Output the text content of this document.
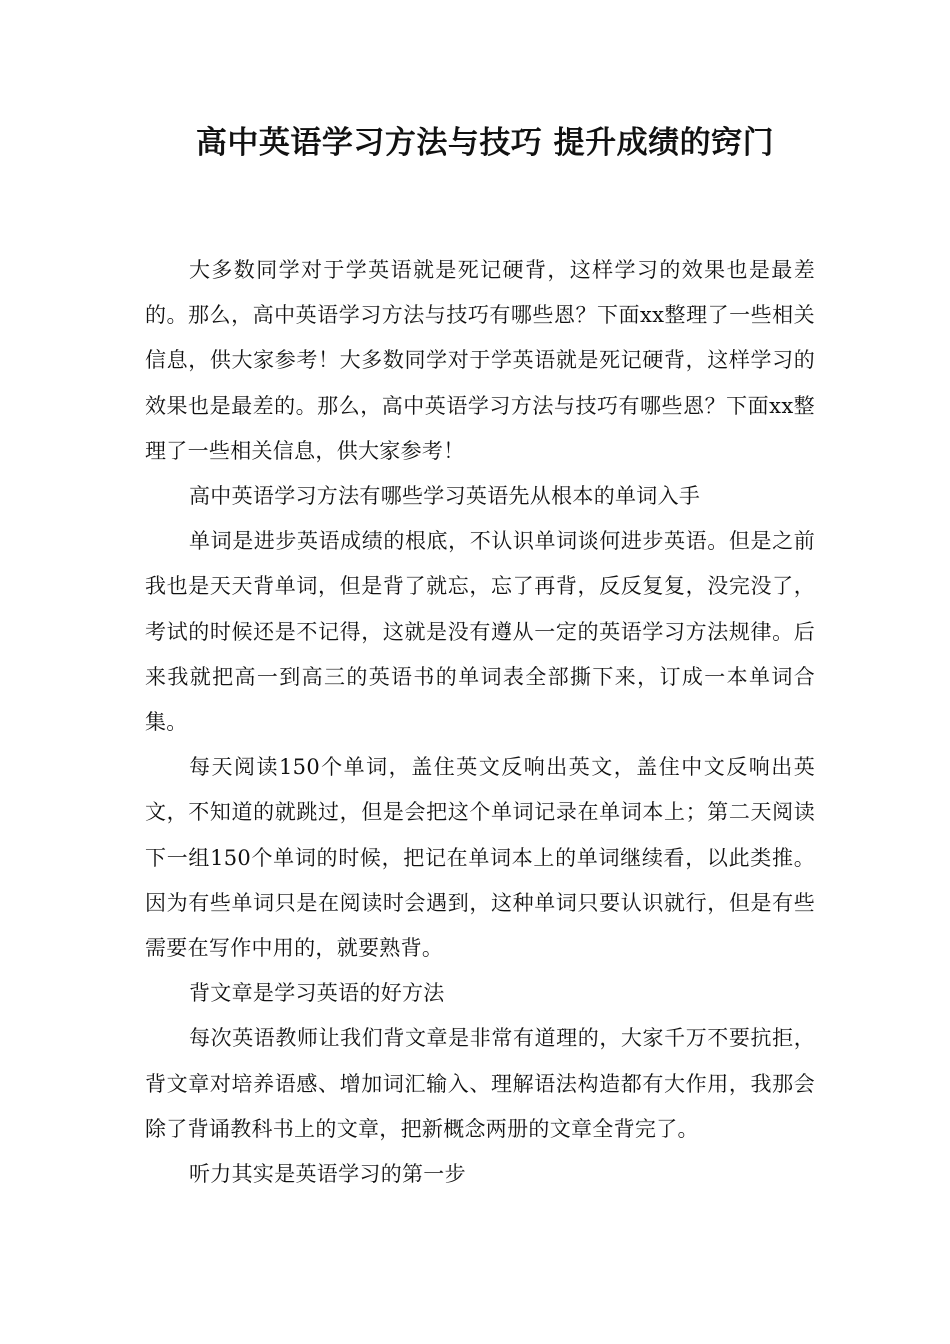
高中英语学习方法与技巧 提升成绩的窍门

大多数同学对于学英语就是死记硬背，这样学习的效果也是最差的。那么，高中英语学习方法与技巧有哪些恩？下面xx整理了一些相关信息，供大家参考！大多数同学对于学英语就是死记硬背，这样学习的效果也是最差的。那么，高中英语学习方法与技巧有哪些恩？下面xx整理了一些相关信息，供大家参考！

高中英语学习方法有哪些学习英语先从根本的单词入手

单词是进步英语成绩的根底，不认识单词谈何进步英语。但是之前我也是天天背单词，但是背了就忘，忘了再背，反反复复，没完没了，考试的时候还是不记得，这就是没有遵从一定的英语学习方法规律。后来我就把高一到高三的英语书的单词表全部撕下来，订成一本单词合集。

每天阅读150个单词，盖住英文反响出英文，盖住中文反响出英文，不知道的就跳过，但是会把这个单词记录在单词本上；第二天阅读下一组150个单词的时候，把记在单词本上的单词继续看，以此类推。因为有些单词只是在阅读时会遇到，这种单词只要认识就行，但是有些需要在写作中用的，就要熟背。

背文章是学习英语的好方法

每次英语教师让我们背文章是非常有道理的，大家千万不要抗拒，背文章对培养语感、增加词汇输入、理解语法构造都有大作用，我那会除了背诵教科书上的文章，把新概念两册的文章全背完了。

听力其实是英语学习的第一步
